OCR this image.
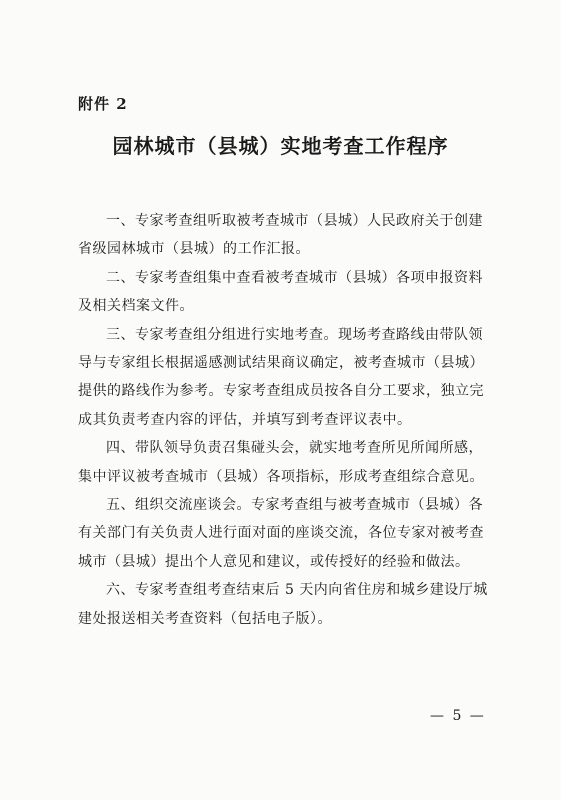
附件 2
园林城市（县城）实地考查工作程序

一、专家考查组听取被考查城市（县城）人民政府关于创建
省级园林城市（县城）的工作汇报。

二、专家考查组集中查看被考查城市（县城）各项申报资料
及相关档案文件。

三、专家考查组分组进行实地考查。现场考查路线由带队领
导与专家组长根据遥感测试结果商议确定，被考查城市（县城）
提供的路线作为参考。专家考查组成员按各自分工要求，独立完
成其负责考查内容的评估，并填写到考查评议表中。

四、带队领导负责召集碰头会，就实地考查所见所闻所感，
集中评议被考查城市（县城）各项指标，形成考查组综合意见。

五、组织交流座谈会。专家考查组与被考查城市（县城）各
有关部门有关负责人进行面对面的座谈交流，各位专家对被考查
城市（县城）提出个人意见和建议，或传授好的经验和做法。

六、专家考查组考查结束后 5 天内向省住房和城乡建设厅城
建处报送相关考查资料（包括电子版）。

— 5 —
